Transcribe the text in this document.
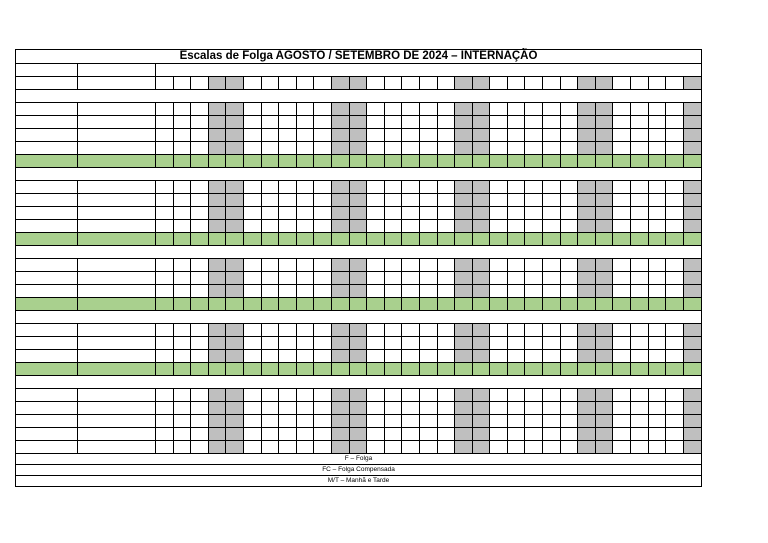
Escalas de Folga AGOSTO / SETEMBRO DE 2024 – INTERNAÇÃO
F – Folga
FC – Folga Compensada
M/T – Manhã e Tarde
